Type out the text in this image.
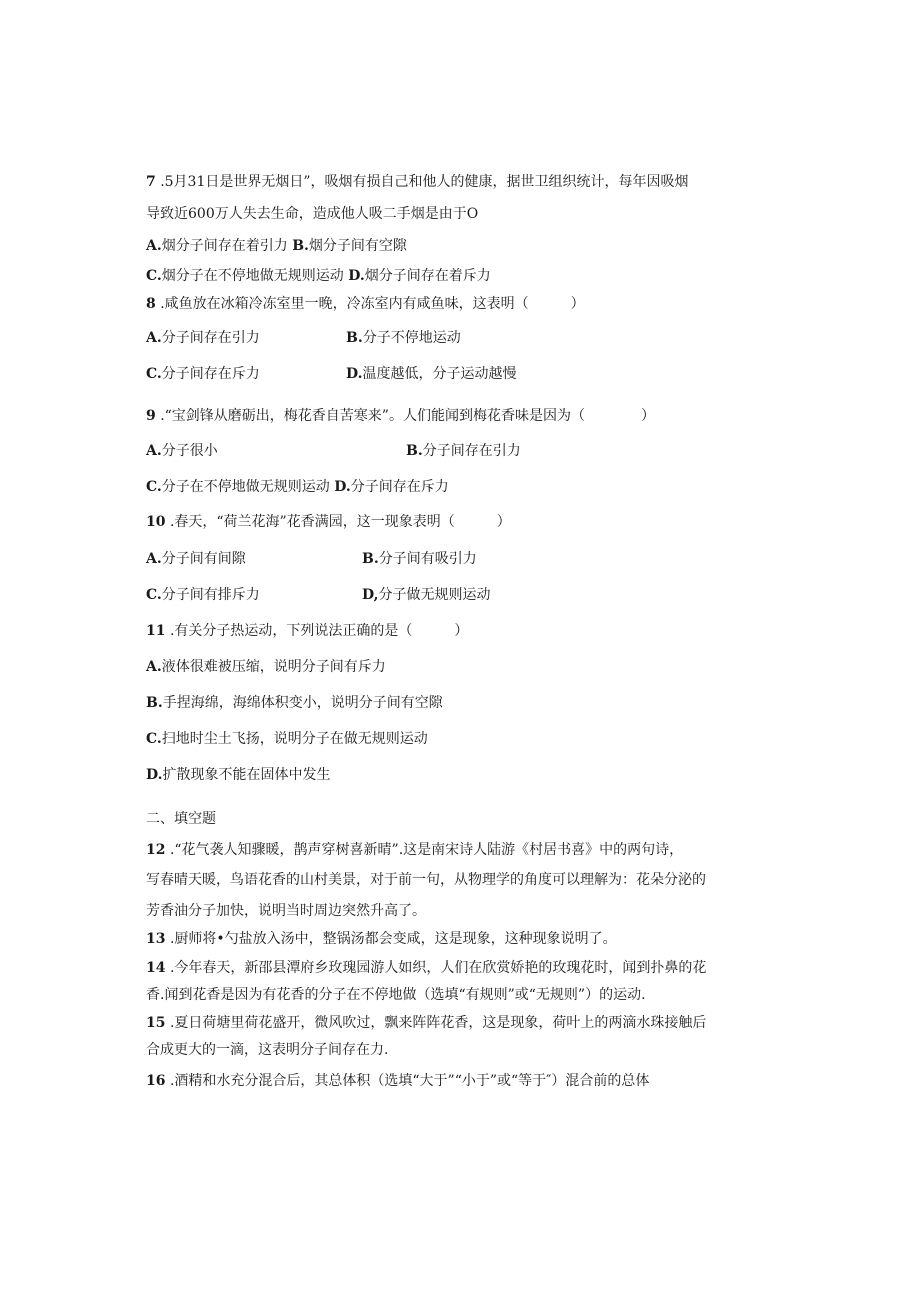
7 .5月31日是世界无烟日”，吸烟有损自己和他人的健康，据世卫组织统计，每年因吸烟
导致近600万人失去生命，造成他人吸二手烟是由于O
A.烟分子间存在着引力 B.烟分子间有空隙
C.烟分子在不停地做无规则运动 D.烟分子间存在着斥力
8 .咸鱼放在冰箱冷冻室里一晚，冷冻室内有咸鱼味，这表明（　　　）
A.分子间存在引力	B.分子不停地运动
C.分子间存在斥力	D.温度越低，分子运动越慢
9 .“宝剑锋从磨砺出，梅花香自苦寒来”。人们能闻到梅花香味是因为（　　　　）
A.分子很小	B.分子间存在引力
C.分子在不停地做无规则运动 D.分子间存在斥力
10 .春天，“荷兰花海”花香满园，这一现象表明（　　　）
A.分子间有间隙	B.分子间有吸引力
C.分子间有排斥力	D,分子做无规则运动
11 .有关分子热运动，下列说法正确的是（　　　）
A.液体很难被压缩，说明分子间有斥力
B.手捏海绵，海绵体积变小，说明分子间有空隙
C.扫地时尘土飞扬，说明分子在做无规则运动
D.扩散现象不能在固体中发生
二、填空题
12 .“花气袭人知骤暖，鹊声穿树喜新晴”.这是南宋诗人陆游《村居书喜》中的两句诗，
写春晴天暖，鸟语花香的山村美景，对于前一句，从物理学的角度可以理解为：花朵分泌的
芳香油分子加快，说明当时周边突然升高了。
13 .厨师将•勺盐放入汤中，整锅汤都会变咸，这是现象，这种现象说明了。
14 .今年春天，新邵县潭府乡玫瑰园游人如织，人们在欣赏娇艳的玫瑰花时，闻到扑鼻的花
香.闻到花香是因为有花香的分子在不停地做（选填“有规则”或“无规则”）的运动.
15 .夏日荷塘里荷花盛开，微风吹过，飘来阵阵花香，这是现象，荷叶上的两滴水珠接触后
合成更大的一滴，这表明分子间存在力.
16 .酒精和水充分混合后，其总体积（选填“大于”“小于”或“等于″）混合前的总体
